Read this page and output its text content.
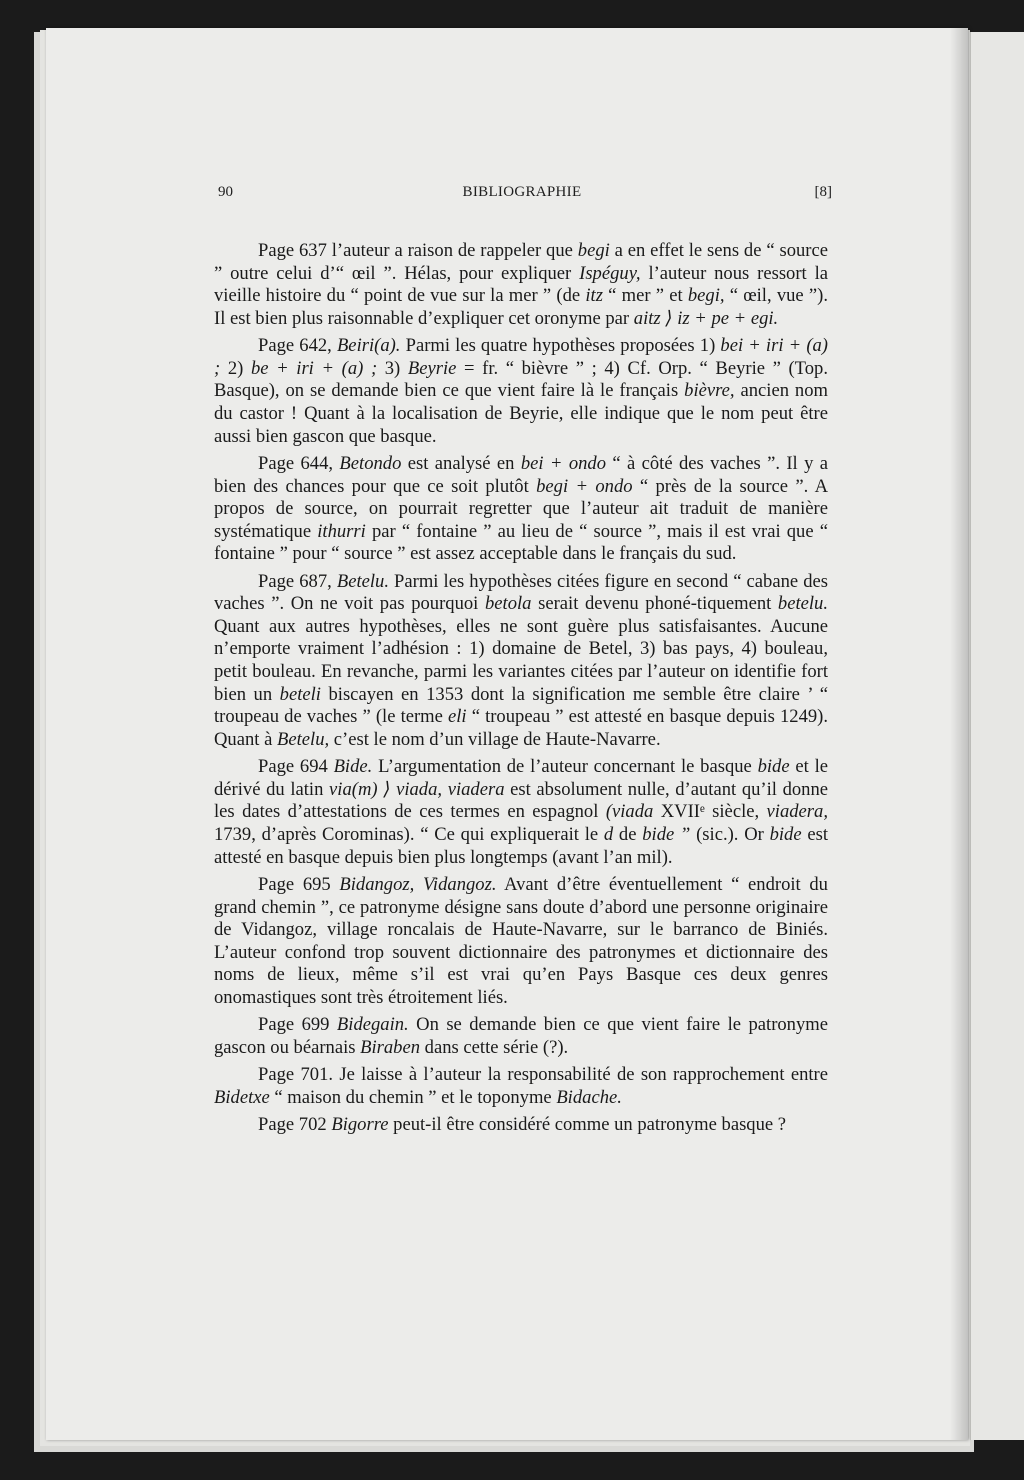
90	BIBLIOGRAPHIE	[8]

Page 637 l’auteur a raison de rappeler que begi a en effet le sens de “ source ” outre celui d’“ œil ”. Hélas, pour expliquer Ispéguy, l’auteur nous ressort la vieille histoire du “ point de vue sur la mer ” (de itz “ mer ” et begi, “ œil, vue ”). Il est bien plus raisonnable d’expliquer cet oronyme par aitz ⟩ iz + pe + egi.

Page 642, Beiri(a). Parmi les quatre hypothèses proposées 1) bei + iri + (a) ; 2) be + iri + (a) ; 3) Beyrie = fr. “ bièvre ” ; 4) Cf. Orp. “ Beyrie ” (Top. Basque), on se demande bien ce que vient faire là le français bièvre, ancien nom du castor ! Quant à la localisation de Beyrie, elle indique que le nom peut être aussi bien gascon que basque.

Page 644, Betondo est analysé en bei + ondo “ à côté des vaches ”. Il y a bien des chances pour que ce soit plutôt begi + ondo “ près de la source ”. A propos de source, on pourrait regretter que l’auteur ait traduit de manière systématique ithurri par “ fontaine ” au lieu de “ source ”, mais il est vrai que “ fontaine ” pour “ source ” est assez acceptable dans le français du sud.

Page 687, Betelu. Parmi les hypothèses citées figure en second “ cabane des vaches ”. On ne voit pas pourquoi betola serait devenu phoné-tiquement betelu. Quant aux autres hypothèses, elles ne sont guère plus satisfaisantes. Aucune n’emporte vraiment l’adhésion : 1) domaine de Betel, 3) bas pays, 4) bouleau, petit bouleau. En revanche, parmi les variantes citées par l’auteur on identifie fort bien un beteli biscayen en 1353 dont la signification me semble être claire ’ “ troupeau de vaches ” (le terme eli “ troupeau ” est attesté en basque depuis 1249). Quant à Betelu, c’est le nom d’un village de Haute-Navarre.

Page 694 Bide. L’argumentation de l’auteur concernant le basque bide et le dérivé du latin via(m) ⟩ viada, viadera est absolument nulle, d’autant qu’il donne les dates d’attestations de ces termes en espagnol (viada XVIIᵉ siècle, viadera, 1739, d’après Corominas). “ Ce qui expliquerait le d de bide ” (sic.). Or bide est attesté en basque depuis bien plus longtemps (avant l’an mil).

Page 695 Bidangoz, Vidangoz. Avant d’être éventuellement “ endroit du grand chemin ”, ce patronyme désigne sans doute d’abord une personne originaire de Vidangoz, village roncalais de Haute-Navarre, sur le barranco de Biniés. L’auteur confond trop souvent dictionnaire des patronymes et dictionnaire des noms de lieux, même s’il est vrai qu’en Pays Basque ces deux genres onomastiques sont très étroitement liés.

Page 699 Bidegain. On se demande bien ce que vient faire le patronyme gascon ou béarnais Biraben dans cette série (?).

Page 701. Je laisse à l’auteur la responsabilité de son rapprochement entre Bidetxe “ maison du chemin ” et le toponyme Bidache.

Page 702 Bigorre peut-il être considéré comme un patronyme basque ?
